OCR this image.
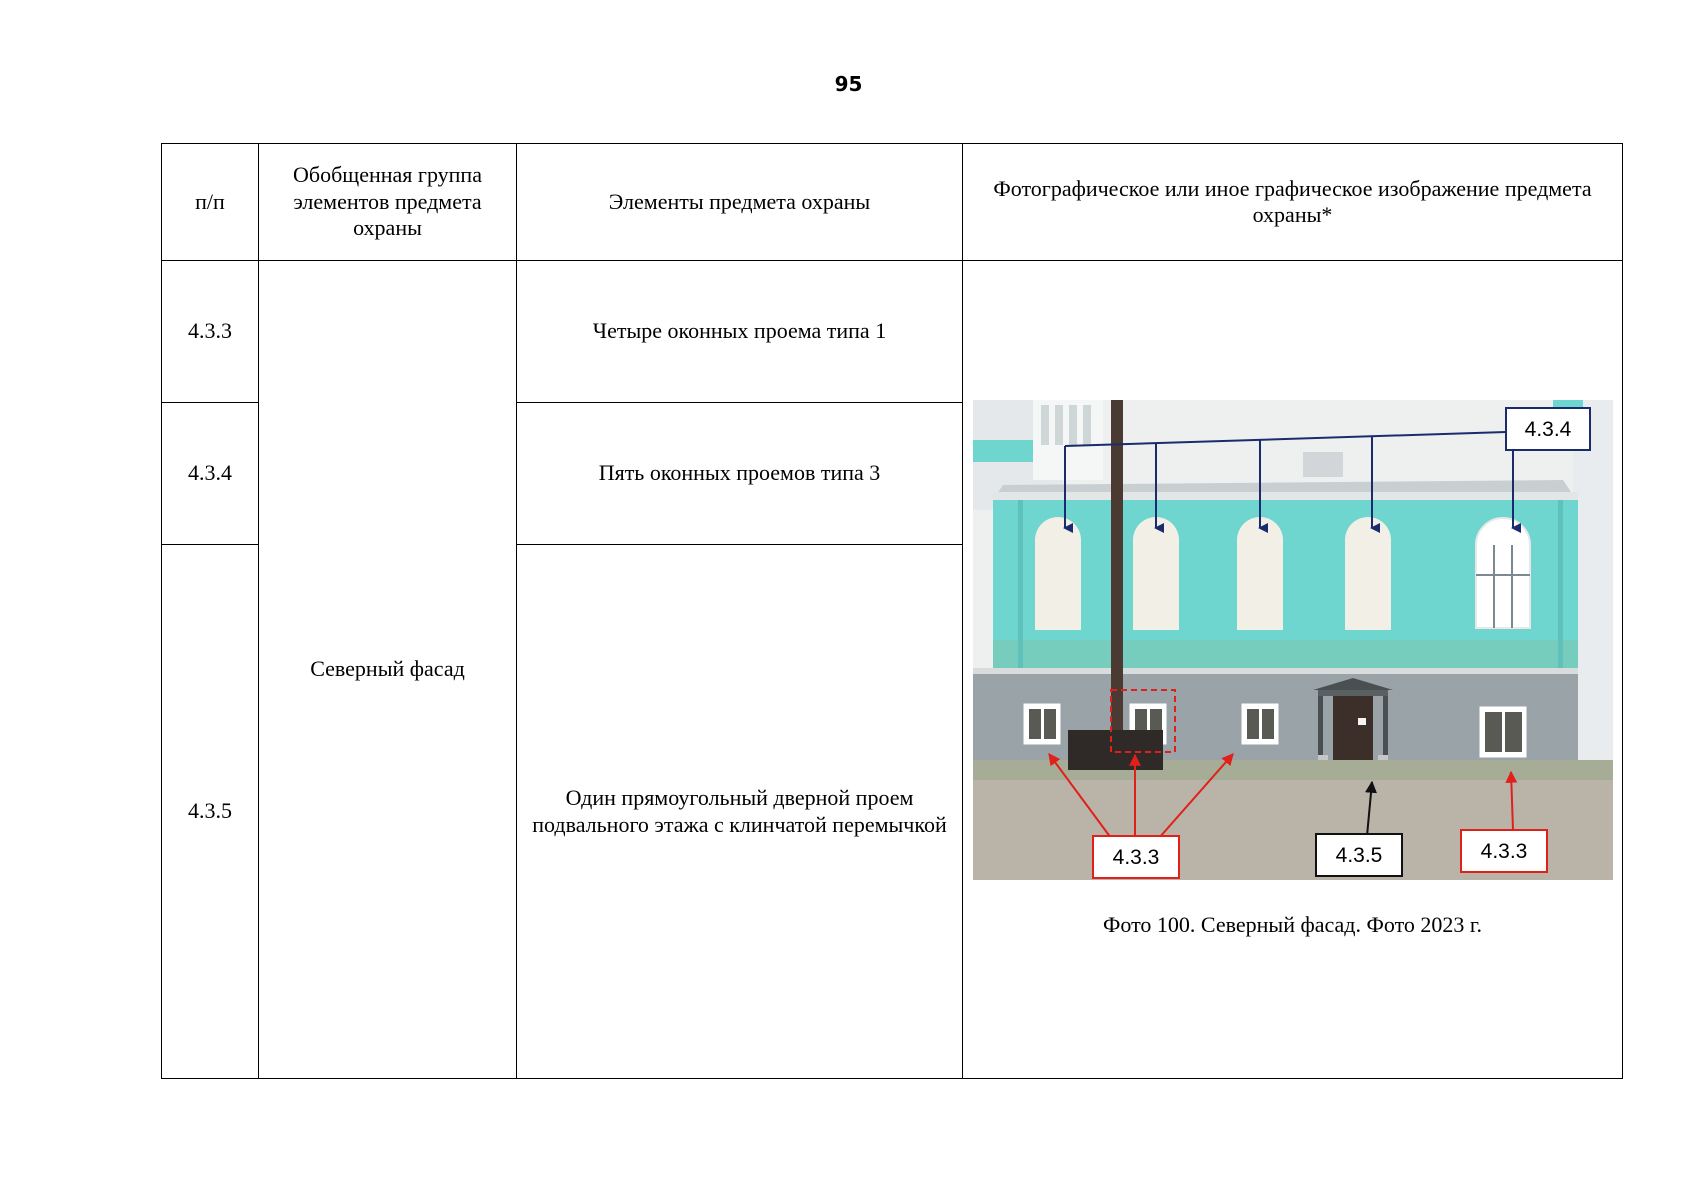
95
п/п	Обобщенная группа элементов предмета охраны	Элементы предмета охраны	Фотографическое или иное графическое изображение предмета охраны*
4.3.3	Северный фасад	Четыре оконных проема типа 1	4.3.4
4.3.3 4.3.5 4.3.3
Фото 100. Северный фасад. Фото 2023 г.

4.3.4		Пять оконных проемов типа 3	
4.3.5		Один прямоугольный дверной проем подвального этажа с клинчатой перемычкой	
